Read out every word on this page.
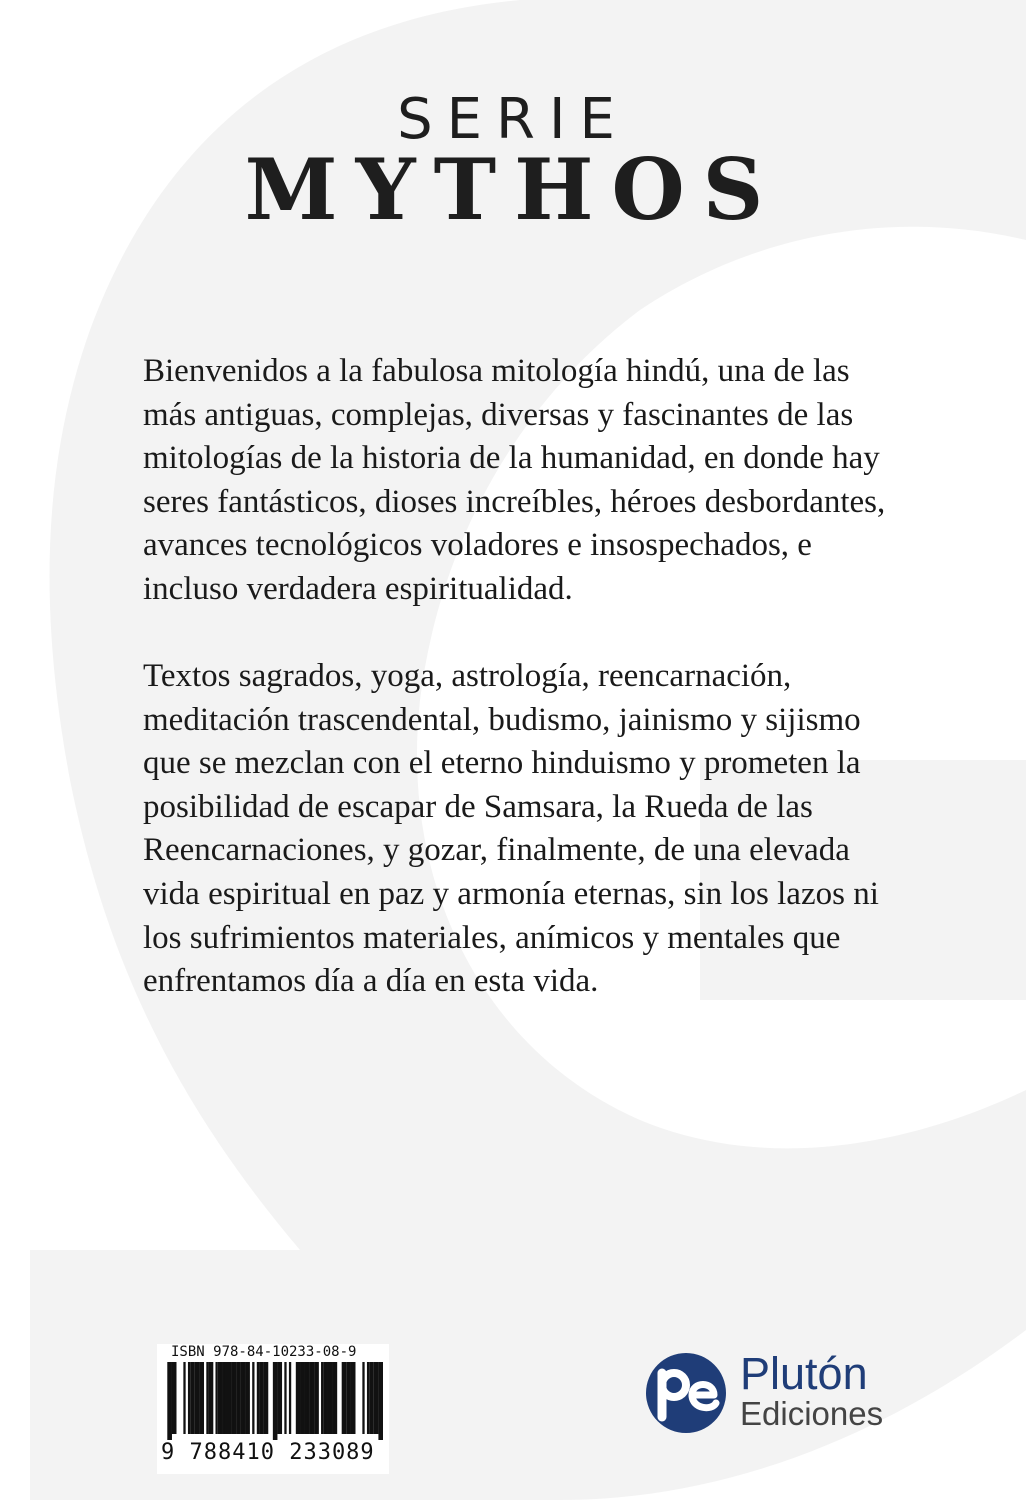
SERIE
MYTHOS

Bienvenidos a la fabulosa mitología hindú, una de las más antiguas, complejas, diversas y fascinantes de las mitologías de la historia de la humanidad, en donde hay seres fantásticos, dioses increíbles, héroes desbordantes, avances tecnológicos voladores e insospechados, e incluso verdadera espiritualidad.

Textos sagrados, yoga, astrología, reencarnación, meditación trascendental, budismo, jainismo y sijismo que se mezclan con el eterno hinduismo y prometen la posibilidad de escapar de Samsara, la Rueda de las Reencarnaciones, y gozar, finalmente, de una elevada vida espiritual en paz y armonía eternas, sin los lazos ni los sufrimientos materiales, anímicos y mentales que enfrentamos día a día en esta vida.

ISBN 978-84-10233-08-9
9 788410 233089
Plutón
Ediciones
